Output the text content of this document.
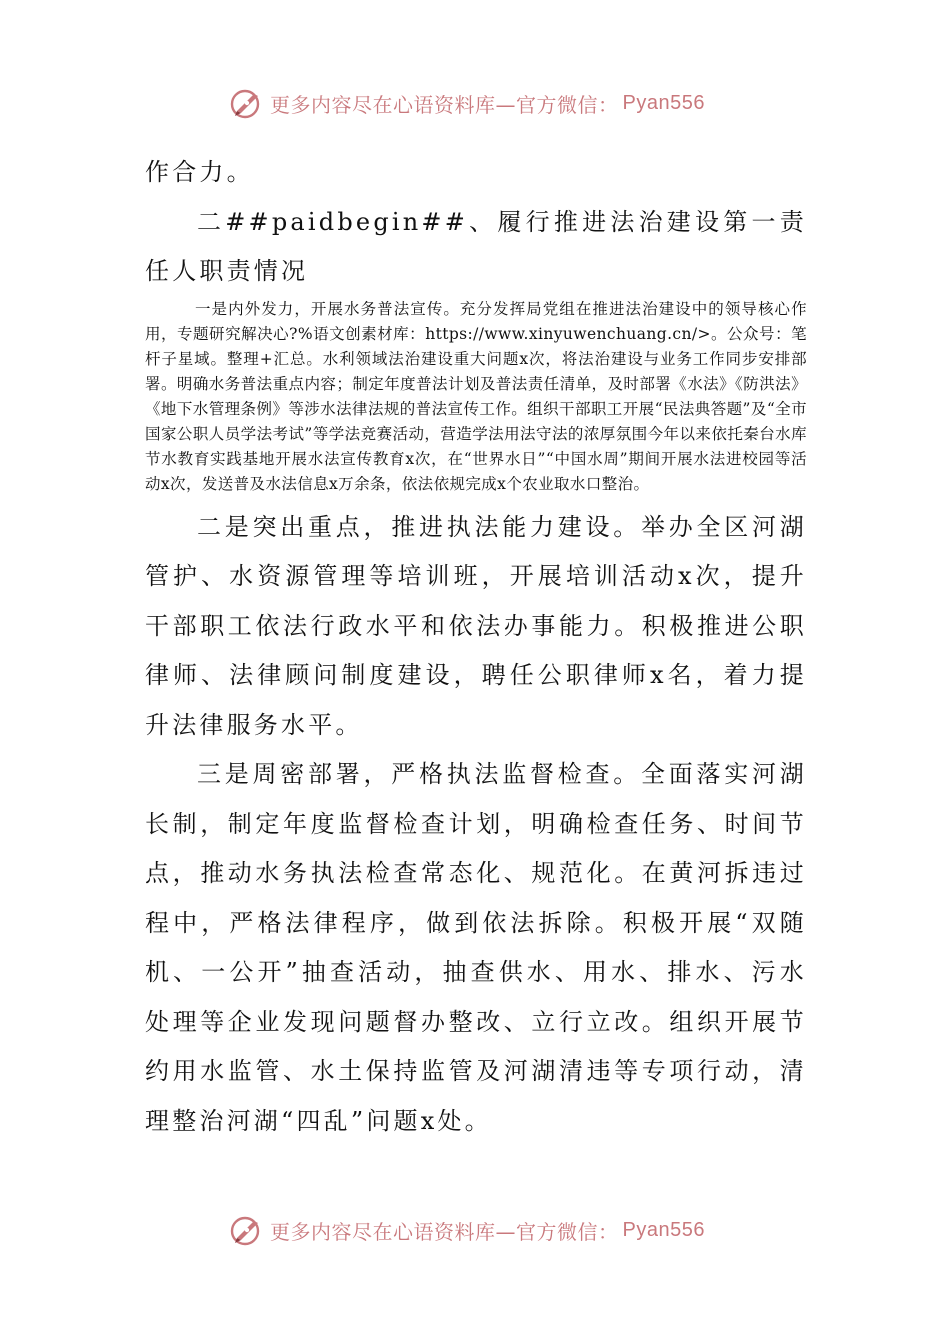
更多内容尽在心语资料库—官方微信： Pyan556

作合力。

二##paidbegin##、履行推进法治建设第一责任人职责情况

一是内外发力，开展水务普法宣传。充分发挥局党组在推进法治建设中的领导核心作用，专题研究解决心?%语文创素材库：https://www.xinyuwenchuang.cn/>。公众号：笔杆子星域。整理+汇总。水利领域法治建设重大问题x次，将法治建设与业务工作同步安排部署。明确水务普法重点内容；制定年度普法计划及普法责任清单，及时部署《水法》《防洪法》《地下水管理条例》等涉水法律法规的普法宣传工作。组织干部职工开展“民法典答题”及“全市国家公职人员学法考试”等学法竞赛活动，营造学法用法守法的浓厚氛围今年以来依托秦台水库节水教育实践基地开展水法宣传教育x次，在“世界水日”“中国水周”期间开展水法进校园等活动x次，发送普及水法信息x万余条，依法依规完成x个农业取水口整治。

二是突出重点，推进执法能力建设。举办全区河湖管护、水资源管理等培训班，开展培训活动x次，提升干部职工依法行政水平和依法办事能力。积极推进公职律师、法律顾问制度建设，聘任公职律师x名，着力提升法律服务水平。

三是周密部署，严格执法监督检查。全面落实河湖长制，制定年度监督检查计划，明确检查任务、时间节点，推动水务执法检查常态化、规范化。在黄河拆违过程中，严格法律程序，做到依法拆除。积极开展“双随机、一公开”抽查活动，抽查供水、用水、排水、污水处理等企业发现问题督办整改、立行立改。组织开展节约用水监管、水土保持监管及河湖清违等专项行动，清理整治河湖“四乱”问题x处。

更多内容尽在心语资料库—官方微信： Pyan556
